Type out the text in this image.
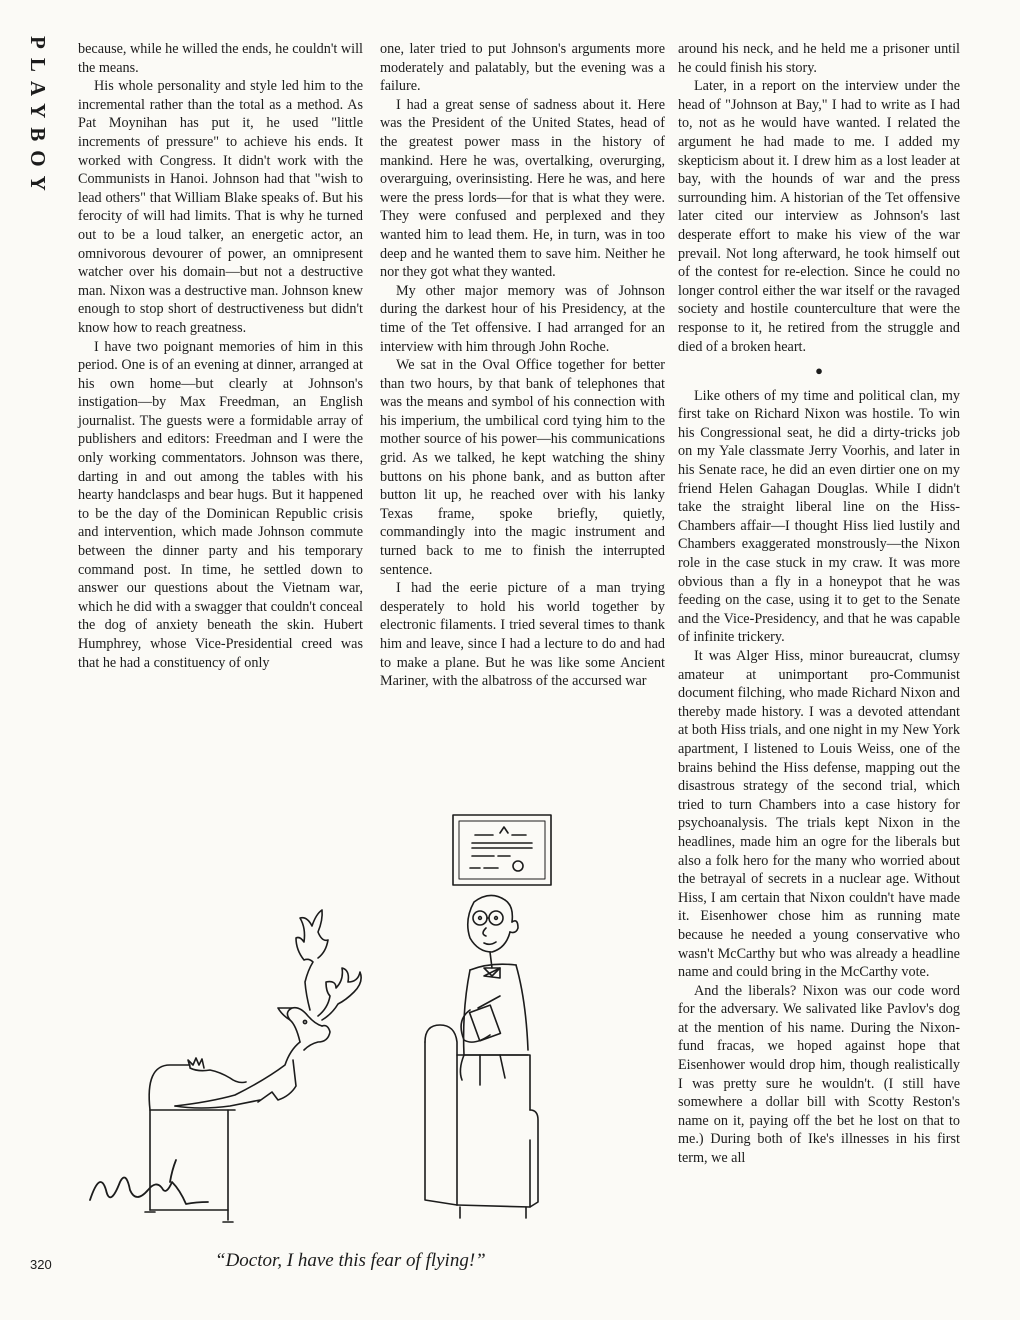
PLAYBOY because, while he willed the ends, he couldn't will the means.

His whole personality and style led him to the incremental rather than the total as a method. As Pat Moynihan has put it, he used "little increments of pressure" to achieve his ends. It worked with Congress. It didn't work with the Communists in Hanoi. Johnson had that "wish to lead others" that William Blake speaks of. But his ferocity of will had limits. That is why he turned out to be a loud talker, an energetic actor, an omnivorous devourer of power, an omnipresent watcher over his domain—but not a destructive man. Nixon was a destructive man. Johnson knew enough to stop short of destructiveness but didn't know how to reach greatness.

I have two poignant memories of him in this period. One is of an evening at dinner, arranged at his own home—but clearly at Johnson's instigation—by Max Freedman, an English journalist. The guests were a formidable array of publishers and editors: Freedman and I were the only working commentators. Johnson was there, darting in and out among the tables with his hearty handclasps and bear hugs. But it happened to be the day of the Dominican Republic crisis and intervention, which made Johnson commute between the dinner party and his temporary command post. In time, he settled down to answer our questions about the Vietnam war, which he did with a swagger that couldn't conceal the dog of anxiety beneath the skin. Hubert Humphrey, whose Vice-Presidential creed was that he had a constituency of only

one, later tried to put Johnson's arguments more moderately and palatably, but the evening was a failure.

I had a great sense of sadness about it. Here was the President of the United States, head of the greatest power mass in the history of mankind. Here he was, overtalking, overurging, overarguing, overinsisting. Here he was, and here were the press lords—for that is what they were. They were confused and perplexed and they wanted him to lead them. He, in turn, was in too deep and he wanted them to save him. Neither he nor they got what they wanted.

My other major memory was of Johnson during the darkest hour of his Presidency, at the time of the Tet offensive. I had arranged for an interview with him through John Roche.

We sat in the Oval Office together for better than two hours, by that bank of telephones that was the means and symbol of his connection with his imperium, the umbilical cord tying him to the mother source of his power—his communications grid. As we talked, he kept watching the shiny buttons on his phone bank, and as button after button lit up, he reached over with his lanky Texas frame, spoke briefly, quietly, commandingly into the magic instrument and turned back to me to finish the interrupted sentence.

I had the eerie picture of a man trying desperately to hold his world together by electronic filaments. I tried several times to thank him and leave, since I had a lecture to do and had to make a plane. But he was like some Ancient Mariner, with the albatross of the accursed war

around his neck, and he held me a prisoner until he could finish his story.

Later, in a report on the interview under the head of "Johnson at Bay," I had to write as I had to, not as he would have wanted. I related the argument he had made to me. I added my skepticism about it. I drew him as a lost leader at bay, with the hounds of war and the press surrounding him. A historian of the Tet offensive later cited our interview as Johnson's last desperate effort to make his view of the war prevail. Not long afterward, he took himself out of the contest for re-election. Since he could no longer control either the war itself or the ravaged society and hostile counterculture that were the response to it, he retired from the struggle and died of a broken heart.

●

Like others of my time and political clan, my first take on Richard Nixon was hostile. To win his Congressional seat, he did a dirty-tricks job on my Yale classmate Jerry Voorhis, and later in his Senate race, he did an even dirtier one on my friend Helen Gahagan Douglas. While I didn't take the straight liberal line on the Hiss-Chambers affair—I thought Hiss lied lustily and Chambers exaggerated monstrously—the Nixon role in the case stuck in my craw. It was more obvious than a fly in a honeypot that he was feeding on the case, using it to get to the Senate and the Vice-Presidency, and that he was capable of infinite trickery.

It was Alger Hiss, minor bureaucrat, clumsy amateur at unimportant pro-Communist document filching, who made Richard Nixon and thereby made history. I was a devoted attendant at both Hiss trials, and one night in my New York apartment, I listened to Louis Weiss, one of the brains behind the Hiss defense, mapping out the disastrous strategy of the second trial, which tried to turn Chambers into a case history for psychoanalysis. The trials kept Nixon in the headlines, made him an ogre for the liberals but also a folk hero for the many who worried about the betrayal of secrets in a nuclear age. Without Hiss, I am certain that Nixon couldn't have made it. Eisenhower chose him as running mate because he needed a young conservative who wasn't McCarthy but who was already a headline name and could bring in the McCarthy vote.

And the liberals? Nixon was our code word for the adversary. We salivated like Pavlov's dog at the mention of his name. During the Nixon-fund fracas, we hoped against hope that Eisenhower would drop him, though realistically I was pretty sure he wouldn't. (I still have somewhere a dollar bill with Scotty Reston's name on it, paying off the bet he lost on that to me.) During both of Ike's illnesses in his first term, we all

“Doctor, I have this fear of flying!”
320
